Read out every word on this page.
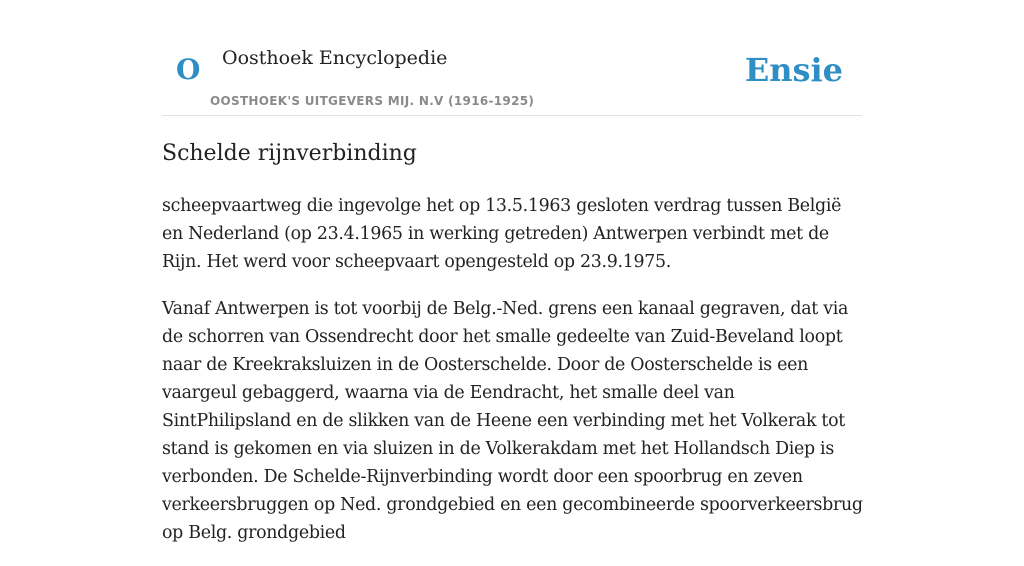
O Oosthoek Encyclopedie
OOSTHOEK'S UITGEVERS MIJ. N.V (1916-1925)
Ensie
Schelde rijnverbinding

scheepvaartweg die ingevolge het op 13.5.1963 gesloten verdrag tussen België en Nederland (op 23.4.1965 in werking getreden) Antwerpen verbindt met de Rijn. Het werd voor scheepvaart opengesteld op 23.9.1975.

Vanaf Antwerpen is tot voorbij de Belg.-Ned. grens een kanaal gegraven, dat via de schorren van Ossendrecht door het smalle gedeelte van Zuid-Beveland loopt naar de Kreekraksluizen in de Oosterschelde. Door de Oosterschelde is een vaargeul gebaggerd, waarna via de Eendracht, het smalle deel van SintPhilipsland en de slikken van de Heene een verbinding met het Volkerak tot stand is gekomen en via sluizen in de Volkerakdam met het Hollandsch Diep is verbonden. De Schelde-Rijnverbinding wordt door een spoorbrug en zeven verkeersbruggen op Ned. grondgebied en een gecombineerde spoorverkeersbrug op Belg. grondgebied
